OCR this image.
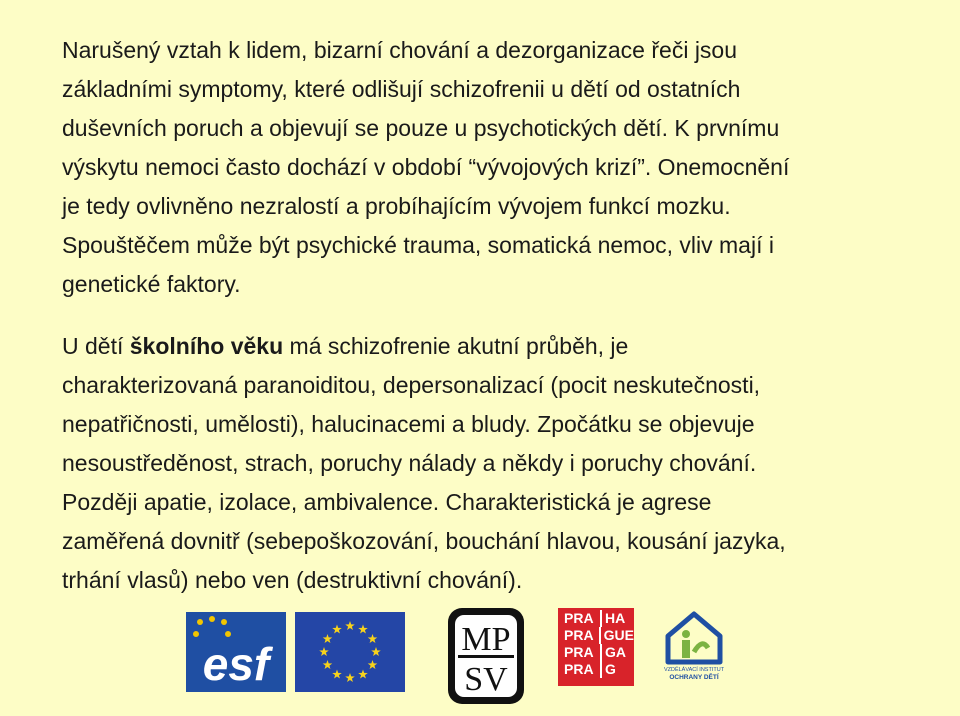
Narušený vztah k lidem, bizarní chování a dezorganizace řeči jsou
základními symptomy, které odlišují schizofrenii u dětí od ostatních
duševních poruch a objevují se pouze u psychotických dětí. K prvnímu
výskytu nemoci často dochází v období “vývojových krizí”. Onemocnění
je tedy ovlivněno nezralostí a probíhajícím vývojem funkcí mozku.
Spouštěčem může být psychické trauma, somatická nemoc, vliv mají i
genetické faktory.
U dětí školního věku má schizofrenie akutní průběh, je
charakterizovaná paranoiditou, depersonalizací (pocit neskutečnosti,
nepatřičnosti, umělosti), halucinacemi a bludy. Zpočátku se objevuje
nesoustředěnost, strach, poruchy nálady a někdy i poruchy chování.
Později apatie, izolace, ambivalence. Charakteristická je agrese
zaměřená dovnitř (sebepoškozování, bouchání hlavou, kousání jazyka,
trhání vlasů) nebo ven (destruktivní chování).
esf	MP
SV
PRA HA
PRA GUE
PRA GA
PRA G	VZDĚLÁVACÍ INSTITUT
OCHRANY DĚTÍ
